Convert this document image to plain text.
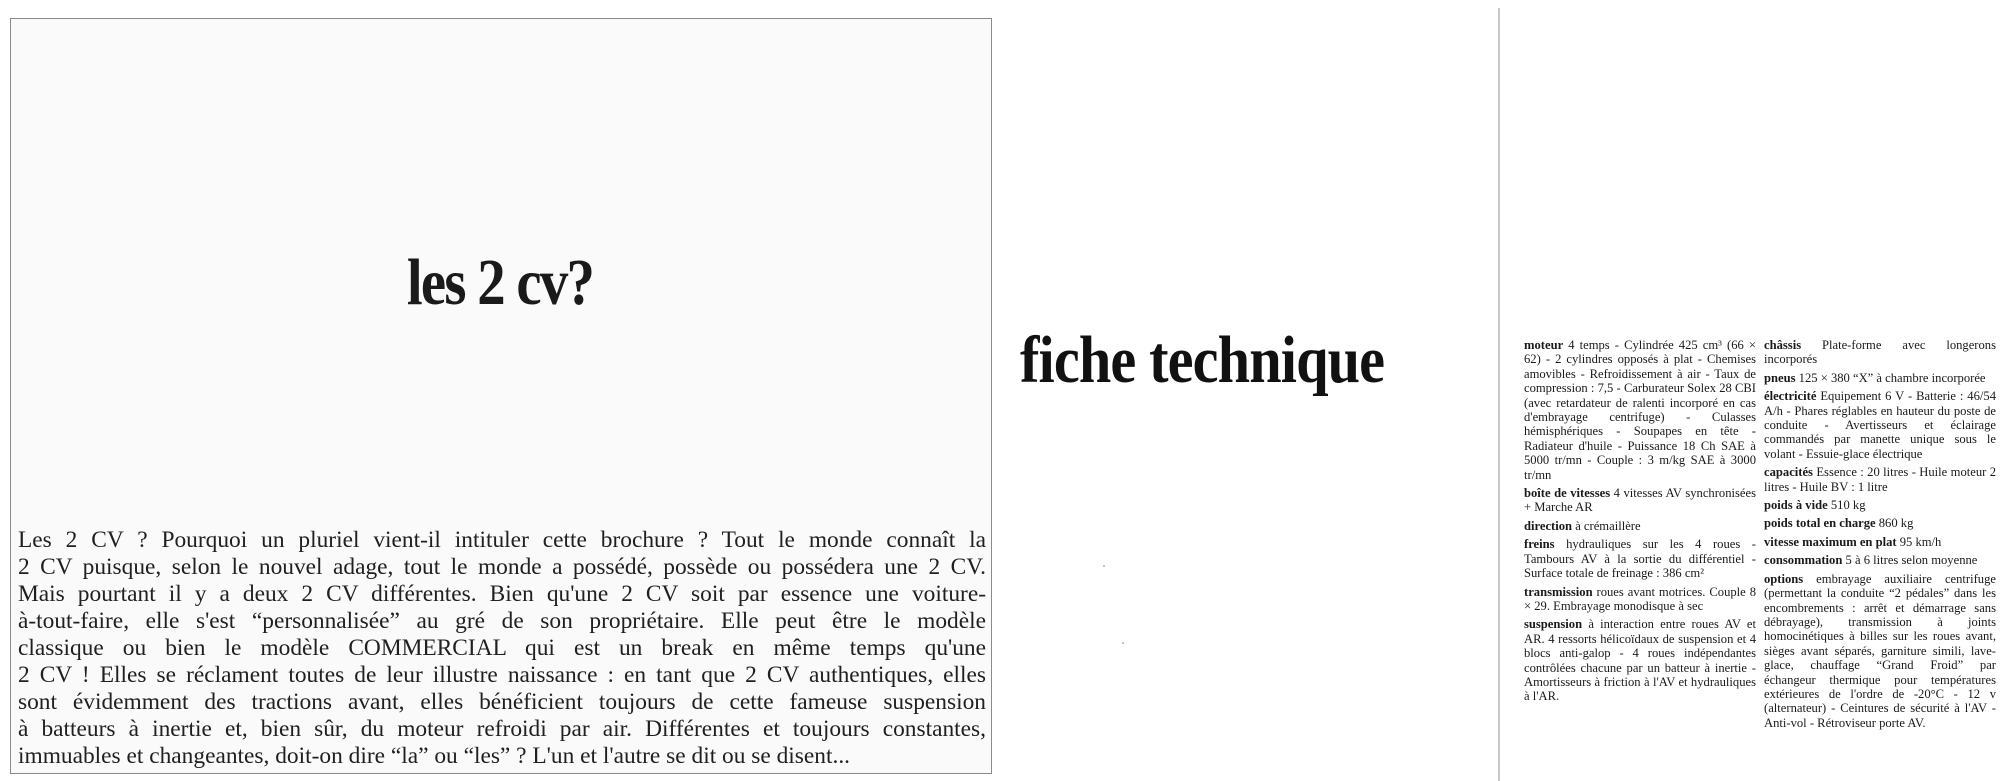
les 2 cv?
Les 2 CV ? Pourquoi un pluriel vient-il intituler cette brochure ? Tout le monde connaît la
2 CV puisque, selon le nouvel adage, tout le monde a possédé, possède ou possédera une 2 CV.
Mais pourtant il y a deux 2 CV différentes. Bien qu'une 2 CV soit par essence une voiture-
à-tout-faire, elle s'est “personnalisée” au gré de son propriétaire. Elle peut être le modèle
classique ou bien le modèle COMMERCIAL qui est un break en même temps qu'une
2 CV ! Elles se réclament toutes de leur illustre naissance : en tant que 2 CV authentiques, elles
sont évidemment des tractions avant, elles bénéficient toujours de cette fameuse suspension
à batteurs à inertie et, bien sûr, du moteur refroidi par air. Différentes et toujours constantes,
immuables et changeantes, doit-on dire “la” ou “les” ? L'un et l'autre se dit ou se disent...
fiche technique	moteur 4 temps - Cylindrée 425 cm³ (66 × 62) - 2 cylindres opposés à plat - Chemises amovibles - Refroidissement à air - Taux de compression : 7,5 - Carburateur Solex 28 CBI (avec retardateur de ralenti incorporé en cas d'embrayage centrifuge) - Culasses hémisphériques - Soupapes en tête - Radiateur d'huile - Puissance 18 Ch SAE à 5000 tr/mn - Couple : 3 m/kg SAE à 3000 tr/mn
boîte de vitesses 4 vitesses AV synchronisées + Marche AR
direction à crémaillère
freins hydrauliques sur les 4 roues - Tambours AV à la sortie du différentiel - Surface totale de freinage : 386 cm²
transmission roues avant motrices. Couple 8 × 29. Embrayage monodisque à sec
suspension à interaction entre roues AV et AR. 4 ressorts hélicoïdaux de suspension et 4 blocs anti-galop - 4 roues indépendantes contrôlées chacune par un batteur à inertie - Amortisseurs à friction à l'AV et hydrauliques à l'AR.
châssis Plate-forme avec longerons incorporés
pneus 125 × 380 “X” à chambre incorporée
électricité Equipement 6 V - Batterie : 46/54 A/h - Phares réglables en hauteur du poste de conduite - Avertisseurs et éclairage commandés par manette unique sous le volant - Essuie-glace électrique
capacités Essence : 20 litres - Huile moteur 2 litres - Huile BV : 1 litre
poids à vide 510 kg
poids total en charge 860 kg
vitesse maximum en plat 95 km/h
consommation 5 à 6 litres selon moyenne
options embrayage auxiliaire centrifuge (permettant la conduite “2 pédales” dans les encombrements : arrêt et démarrage sans débrayage), transmission à joints homocinétiques à billes sur les roues avant, sièges avant séparés, garniture simili, lave-glace, chauffage “Grand Froid” par échangeur thermique pour températures extérieures de l'ordre de -20°C - 12 v (alternateur) - Ceintures de sécurité à l'AV - Anti-vol - Rétroviseur porte AV.
